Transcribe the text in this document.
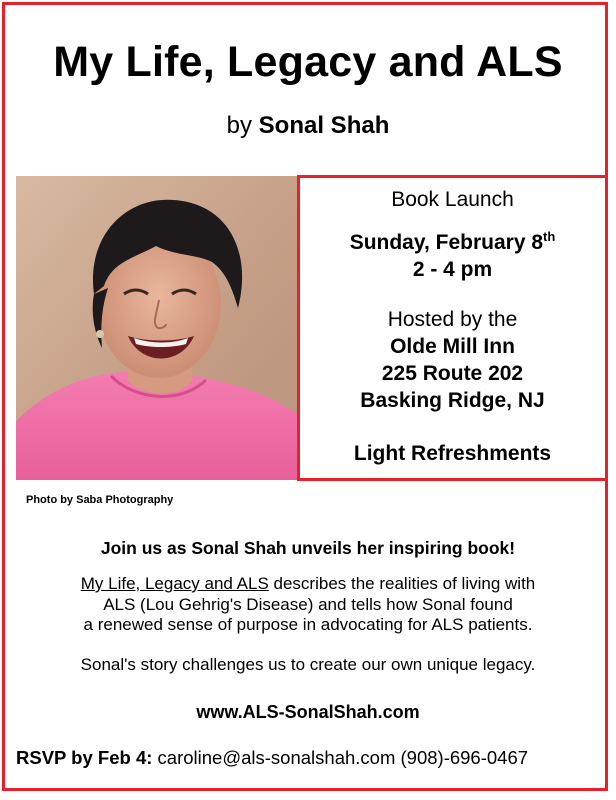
My Life, Legacy and ALS
by Sonal Shah
Book Launch
Sunday, February 8th
2 - 4 pm
Hosted by the
Olde Mill Inn
225 Route 202
Basking Ridge, NJ
Light Refreshments
Photo by Saba Photography
Join us as Sonal Shah unveils her inspiring book!
My Life, Legacy and ALS describes the realities of living with
ALS (Lou Gehrig's Disease) and tells how Sonal found
a renewed sense of purpose in advocating for ALS patients.
Sonal's story challenges us to create our own unique legacy.
www.ALS-SonalShah.com
RSVP by Feb 4: caroline@als-sonalshah.com (908)-696-0467
